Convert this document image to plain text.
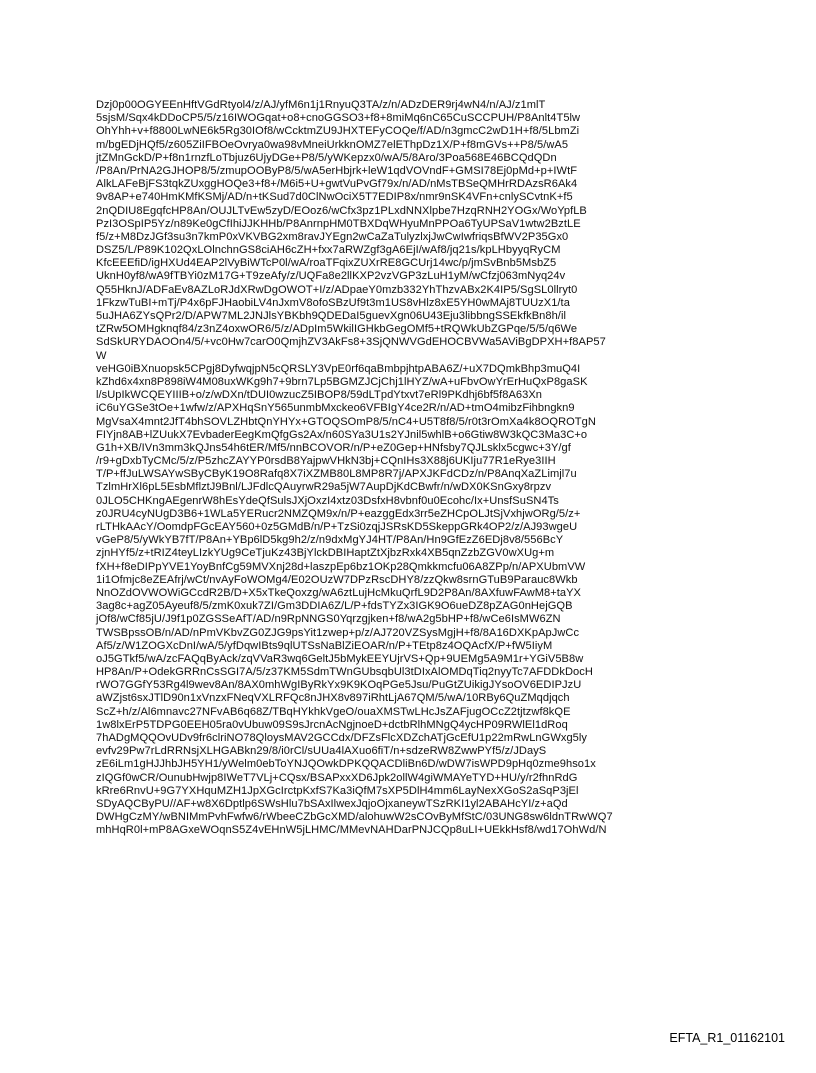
Dzj0p00OGYEEnHftVGdRtyol4/z/AJ/yfM6n1j1RnyuQ3TA/z/n/ADzDER9rj4wN4/n/AJ/z1mlT
5sjsM/Sqx4kDDoCP5/5/z16IWOGqat+o8+cnoGGSO3+f8+8miMq6nC65CuSCCPUH/P8Anlt4T5lw
OhYhh+v+f8800LwNE6k5Rg30IOf8/wCcktmZU9JHXTEFyCOQe/f/AD/n3gmcC2wD1H+f8/5LbmZi
m/bgEDjHQf5/z605ZiIFBOeOvrya0wa98vMneiUrkknOMZ7elEThpDz1X/P+f8mGVs++P8/5/wA5
jtZMnGckD/P+f8n1rnzfLoTbjuz6UjyDGe+P8/5/yWKepzx0/wA/5/8Aro/3Poa568E46BCQdQDn
/P8An/PrNA2GJHOP8/5/zmupOOByP8/5/wA5erHbjrk+leW1qdVOVndF+GMSI78Ej0pMd+p+IWtF
AlkLAFeBjFS3tqkZUxggHOQe3+f8+/M6i5+U+gwtVuPvGf79x/n/AD/nMsTBSeQMHrRDAzsR6Ak4
9v8AP+e740HmKMfKSMj/AD/n+tKSud7d0ClNwOciX5T7EDIP8x/nmr9nSK4VFn+cnlySCvtnK+f5
2nQDIU8EgqfcHP8An/OUJLTvEw5zyD/EOoz6/wCfx3pz1PLxdNNXlpbe7HzqRNH2YOGx/WoYpfLB
PzI3OSpIP5Yz/n89Ke0gCfIhiJJKHHb/P8AnrnpHM0TBXDqWHyuMnPPOa6TyUPSaV1wtw2BztLE
f5/z+M8DzJGf3su3n7kmP0xVKVBG2xm8ravJYEgn2wCaZaTulyzlxjJwCwIwfriqsBfWV2P35Gx0
DSZ5/L/P89K102QxLOlnchnGS8ciAH6cZH+fxx7aRWZgf3gA6EjI/wAf8/jq21s/kpLHbyyqRyCM
KfcEEEfiD/igHXUd4EAP2lVyBiWTcP0l/wA/roaTFqixZUXrRE8GCUrj14wc/p/jmSvBnb5MsbZ5
UknH0yf8/wA9fTBYi0zM17G+T9zeAfy/z/UQFa8e2llKXP2vzVGP3zLuH1yM/wCfzj063mNyq24v
Q55HknJ/ADFaEv8AZLoRJdXRwDgOWOT+I/z/ADpaeY0mzb332YhThzvABx2K4IP5/SgSL0llryt0
1FkzwTuBI+mTj/P4x6pFJHaobiLV4nJxmV8ofoSBzUf9t3m1US8vHlz8xE5YH0wMAj8TUUzX1/ta
5uJHA6ZYsQPr2/D/APW7ML2JNJlsYBKbh9QDEDaI5guevXgn06U43Eju3libbngSSEkfkBn8h/il
tZRw5OMHgknqf84/z3nZ4oxwOR6/5/z/ADpIm5WkilIGHkbGegOMf5+tRQWkUbZGPqe/5/5/q6We
SdSkURYDAOOn4/5/+vc0Hw7carO0QmjhZV3AkFs8+3SjQNWVGdEHOCBVWa5AViBgDPXH+f8AP57
W
veHG0iBXnuopsk5CPgj8DyfwqjpN5cQRSLY3VpE0rf6qaBmbpjhtpABA6Z/+uX7DQmkBhp3muQ4I
kZhd6x4xn8P898iW4M08uxWKg9h7+9brn7Lp5BGMZJCjChj1lHYZ/wA+uFbvOwYrErHuQxP8gaSK
l/sUpIkWCQEYIIIB+o/z/wDXn/tDUI0wzucZ5IBOP8/59dLTpdYtxvt7eRl9PKdhj6bf5f8A63Xn
iC6uYGSe3tOe+1wfw/z/APXHqSnY565unmbMxckeo6VFBIgY4ce2R/n/AD+tmO4mibzFihbngkn9
MgVsaX4mnt2JfT4bhSOVLZHbtQnYHYx+GTOQSOmP8/5/nC4+U5T8f8/5/r0t3rOmXa4k8OQROTgN
FIYjn8AB+lZUukX7EvbaderEegKmQfgGs2Ax/n60SYa3U1s2YJnil5whlB+o6Gtiw8W3kQC3Ma3C+o
G1h+XB/IVn3mm3kQJns54h6tER/Mf5/nnBCOVOR/n/P+eZ0Gep+HNfsby7QJLsklx5cgwc+3Y/gf
/r9+gDxbTyCMc/5/z/P5zhcZAYYP0rsdB8YajpwVHkN3bj+CQnIHs3X88j6UKIju77R1eRye3IIH
T/P+ffJuLWSAYwSByCByK19O8Rafq8X7iXZMB80L8MP8R7j/APXJKFdCDz/n/P8AnqXaZLimjl7u
TzlmHrXl6pL5EsbMflztJ9Bnl/LJFdlcQAuyrwR29a5jW7AupDjKdCBwfr/n/wDX0KSnGxy8rpzv
0JLO5CHKngAEgenrW8hEsYdeQfSulsJXjOxzI4xtz03DsfxH8vbnf0u0Ecohc/Ix+UnsfSuSN4Ts
z0JRU4cyNUgD3B6+1WLa5YERucr2NMZQM9x/n/P+eazggEdx3rr5eZHCpOLJtSjVxhjwORg/5/z+
rLTHkAAcY/OomdpFGcEAY560+0z5GMdB/n/P+TzSi0zqjJSRsKD5SkeppGRk4OP2/z/AJ93wgeU
vGeP8/5/yWkYB7fT/P8An+YBp6lD5kg9h2/z/n9dxMgYJ4HT/P8An/Hn9GfEzZ6EDj8v8/556BcY
zjnHYf5/z+tRIZ4teyLIzkYUg9CeTjuKz43BjYlckDBIHaptZtXjbzRxk4XB5qnZzbZGV0wXUg+m
fXH+f8eDIPpYVE1YoyBnfCg59MVXnj28d+laszpEp6bz1OKp28Qmkkmcfu06A8ZPp/n/APXUbmVW
1i1Ofmjc8eZEAfrj/wCt/nvAyFoWOMg4/E02OUzW7DPzRscDHY8/zzQkw8srnGTuB9Parauc8Wkb
NnOZdOVWOWiGCcdR2B/D+X5xTkeQoxzg/wA6ztLujHcMkuQrfL9D2P8An/8AXfuwFAwM8+taYX
3ag8c+agZ05Ayeuf8/5/zmK0xuk7ZI/Gm3DDIA6Z/L/P+fdsTYZx3IGK9O6ueDZ8pZAG0nHejGQB
jOf8/wCf85jU/J9f1p0ZGSSeAfT/AD/n9RpNNGS0Yqrzgjken+f8/wA2g5bHP+f8/wCe6IsMW6ZN
TWSBpssOB/n/AD/nPmVKbvZG0ZJG9psYit1zwep+p/z/AJ720VZSysMgjH+f8/8A16DXKpApJwCc
Af5/z/W1ZOGXcDnI/wA/5/yfDqwIBts9qlUTSsNaBlZiEOAR/n/P+TEtp8z4OQAcfX/P+fW5IiyM
oJ5GTkf5/wA/zcFAQqByAck/zqVVaR3wq6GeltJ5bMykEEYUjrVS+Qp+9UEMg5A9M1r+YGiV5B8w
HP8An/P+OdekGRRnCsSGI7A/5/z37KM5SdmTWnGUbsqbUl3tDIxAlOMDqTiq2nyyTc7AFDDkDocH
rWO7GGfY53Rg4l9wev8An/8AX0mhWgIByRkYx9K9KOqPGe5Jsu/PuGtZUikigJYsoOV6EDIPJzU
aWZjst6sxJTlD90n1xVnzxFNeqVXLRFQc8nJHX8v897iRhtLjA67QM/5/wA/10RBy6QuZMqdjqch
ScZ+h/z/Al6mnavc27NFvAB6q68Z/TBqHYkhkVgeO/ouaXMSTwLHcJsZAFjugOCcZ2tjtzwf8kQE
1w8lxErP5TDPG0EEH05ra0vUbuw09S9sJrcnAcNgjnoeD+dctbRlhMNgQ4ycHP09RWlEl1dRoq
7hADgMQQOvUDv9fr6clriNO78QloysMAV2GCCdx/DFZsFlcXDZchATjGcEfU1p22mRwLnGWxg5ly
evfv29Pw7rLdRRNsjXLHGABkn29/8/i0rCl/sUUa4lAXuo6fiT/n+sdzeRW8ZwwPYf5/z/JDayS
zE6iLm1gHJJhbJH5YH1/yWelm0ebToYNJQOwkDPKQQACDliBn6D/wDW7isWPD9pHq0zme9hso1x
zIQGf0wCR/OunubHwjp8IWeT7VLj+CQsx/BSAPxxXD6Jpk2ollW4giWMAYeTYD+HU/y/r2fhnRdG
kRre6RnvU+9G7YXHquMZH1JpXGcIrctpKxfS7Ka3iQfM7sXP5DlH4mm6LayNexXGoS2aSqP3jEl
SDyAQCByPU//AF+w8X6Dptlp6SWsHlu7bSAxIlwexJqjoOjxaneywTSzRKI1yl2ABAHcYI/z+aQd
DWHgCzMY/wBNIMmPvhFwfw6/rWbeeCZbGcXMD/alohuwW2sCOvByMfStC/03UNG8sw6ldnTRwWQ7
mhHqR0l+mP8AGxeWOqnS5Z4vEHnW5jLHMC/MMevNAHDarPNJCQp8uLI+UEkkHsf8/wd17OhWd/N
EFTA_R1_01162101
